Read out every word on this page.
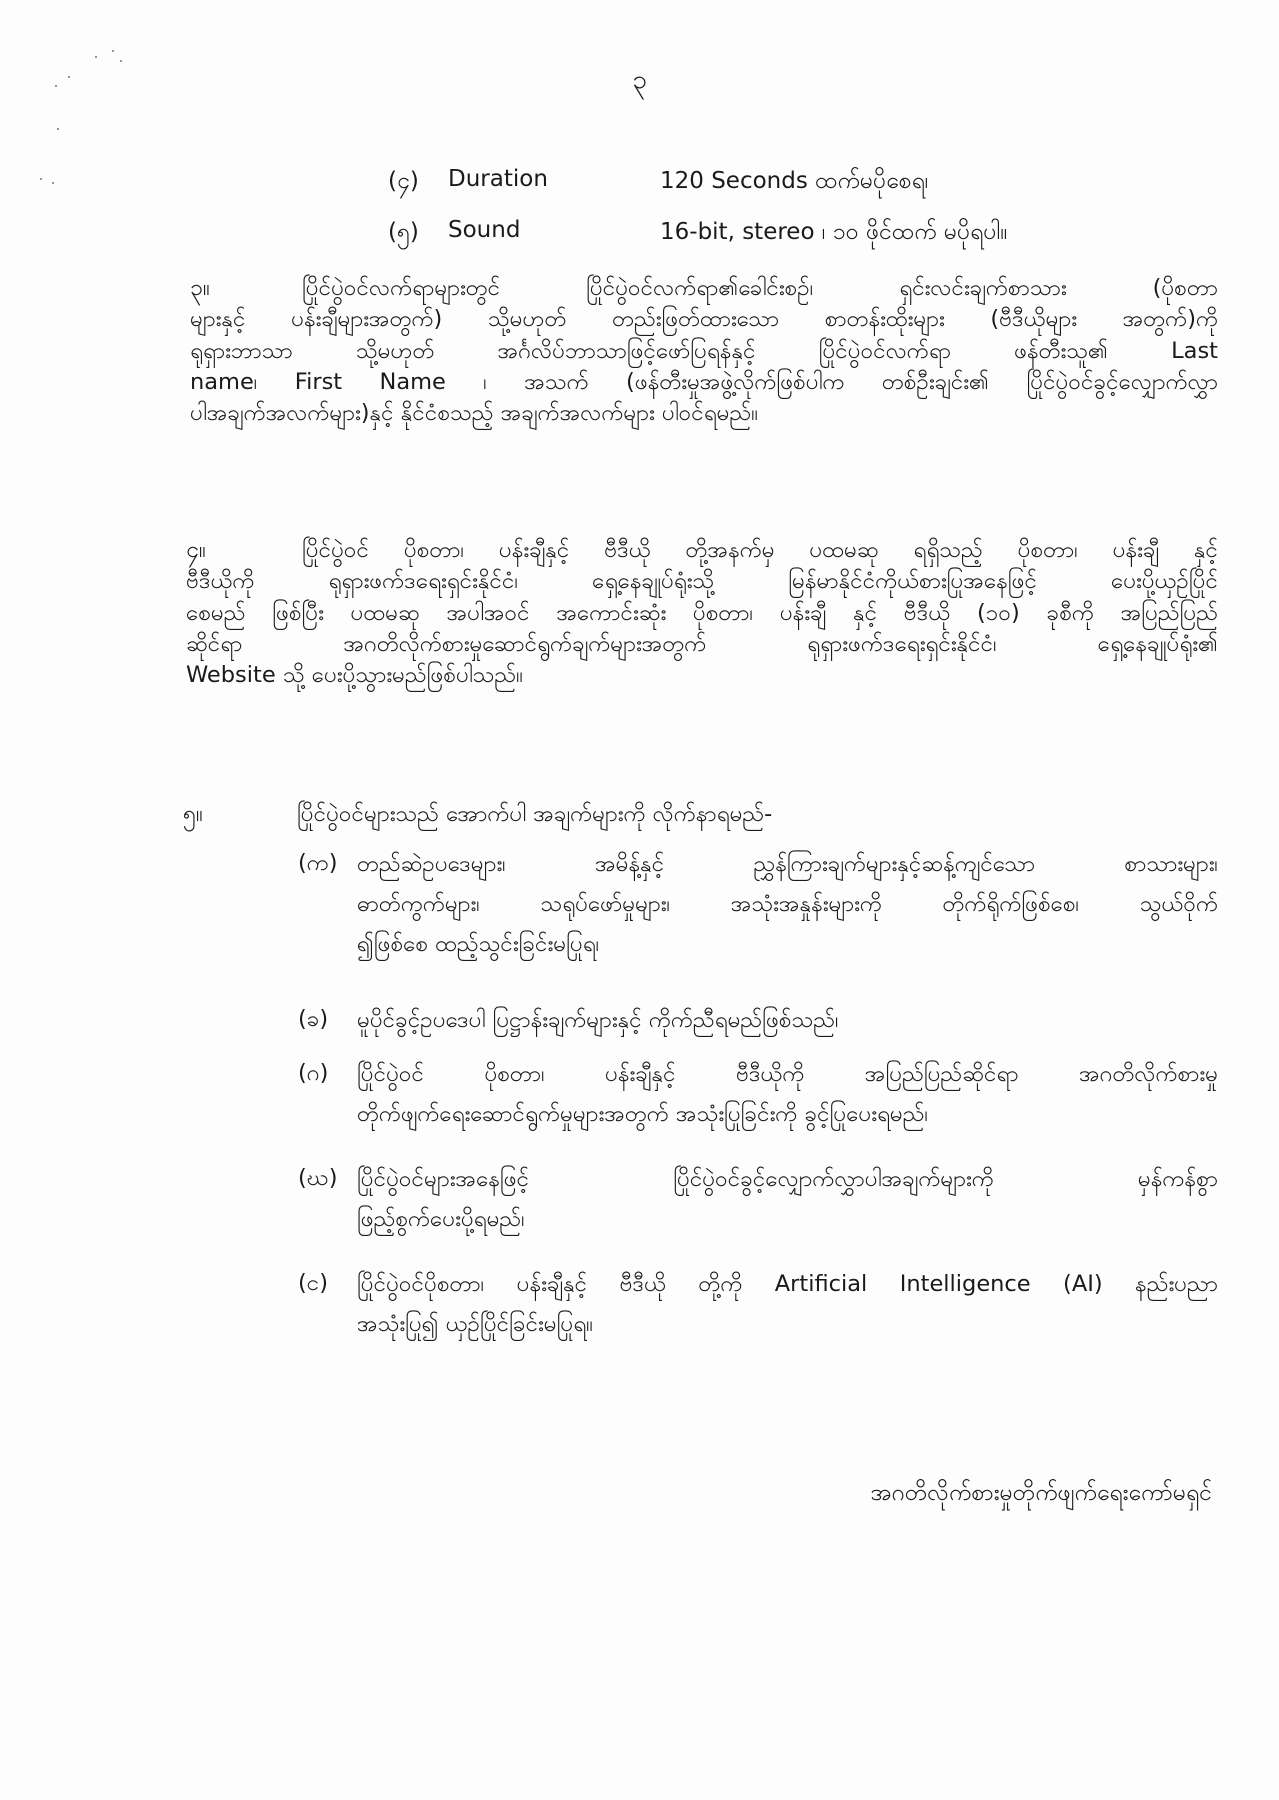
၃
(၄) Duration	120 Seconds ထက်မပိုစေရ၊
(၅) Sound	16-bit, stereo ၊ ၁၀ ဖိုင်ထက် မပိုရပါ။
၃။	ပြိုင်ပွဲဝင်လက်ရာများတွင် ပြိုင်ပွဲဝင်လက်ရာ၏ခေါင်းစဉ်၊ ရှင်းလင်းချက်စာသား (ပိုစတာ
များနှင့် ပန်းချီများအတွက်) သို့မဟုတ် တည်းဖြတ်ထားသော စာတန်းထိုးများ (ဗီဒီယိုများ အတွက်)ကို
ရုရှားဘာသာ သို့မဟုတ် အင်္ဂလိပ်ဘာသာဖြင့်ဖော်ပြရန်နှင့် ပြိုင်ပွဲဝင်လက်ရာ ဖန်တီးသူ၏ Last
name၊ First Name ၊ အသက် (ဖန်တီးမှုအဖွဲ့လိုက်ဖြစ်ပါက တစ်ဦးချင်း၏ ပြိုင်ပွဲဝင်ခွင့်လျှောက်လွှာ
ပါအချက်အလက်များ)နှင့် နိုင်ငံစသည့် အချက်အလက်များ ပါဝင်ရမည်။
၄။	ပြိုင်ပွဲဝင် ပိုစတာ၊ ပန်းချီနှင့် ဗီဒီယို တို့အနက်မှ ပထမဆု ရရှိသည့် ပိုစတာ၊ ပန်းချီ နှင့်
ဗီဒီယိုကို ရုရှားဖက်ဒရေးရှင်းနိုင်ငံ၊ ရှေ့နေချုပ်ရုံးသို့ မြန်မာနိုင်ငံကိုယ်စားပြုအနေဖြင့် ပေးပို့ယှဉ်ပြိုင်
စေမည် ဖြစ်ပြီး ပထမဆု အပါအဝင် အကောင်းဆုံး ပိုစတာ၊ ပန်းချီ နှင့် ဗီဒီယို (၁၀) ခုစီကို အပြည်ပြည်
ဆိုင်ရာ အဂတိလိုက်စားမှုဆောင်ရွက်ချက်များအတွက် ရုရှားဖက်ဒရေးရှင်းနိုင်ငံ၊ ရှေ့နေချုပ်ရုံး၏
Website သို့ ပေးပို့သွားမည်ဖြစ်ပါသည်။
၅။	ပြိုင်ပွဲဝင်များသည် အောက်ပါ အချက်များကို လိုက်နာရမည်-
(က) တည်ဆဲဥပဒေများ၊ အမိန့်နှင့် ညွှန်ကြားချက်များနှင့်ဆန့်ကျင်သော စာသားများ၊
ဓာတ်ကွက်များ၊ သရုပ်ဖော်မှုများ၊ အသုံးအနှုန်းများကို တိုက်ရိုက်ဖြစ်စေ၊ သွယ်ဝိုက်
၍ဖြစ်စေ ထည့်သွင်းခြင်းမပြုရ၊
(ခ) မူပိုင်ခွင့်ဥပဒေပါ ပြဋ္ဌာန်းချက်များနှင့် ကိုက်ညီရမည်ဖြစ်သည်၊
(ဂ) ပြိုင်ပွဲဝင် ပိုစတာ၊ ပန်းချီနှင့် ဗီဒီယိုကို အပြည်ပြည်ဆိုင်ရာ အဂတိလိုက်စားမှု
တိုက်ဖျက်ရေးဆောင်ရွက်မှုများအတွက် အသုံးပြုခြင်းကို ခွင့်ပြုပေးရမည်၊
(ဃ) ပြိုင်ပွဲဝင်များအနေဖြင့် ပြိုင်ပွဲဝင်ခွင့်လျှောက်လွှာပါအချက်များကို မှန်ကန်စွာ
ဖြည့်စွက်ပေးပို့ရမည်၊
(င) ပြိုင်ပွဲဝင်ပိုစတာ၊ ပန်းချီနှင့် ဗီဒီယို တို့ကို Artificial Intelligence (AI) နည်းပညာ
အသုံးပြု၍ ယှဉ်ပြိုင်ခြင်းမပြုရ။
အဂတိလိုက်စားမှုတိုက်ဖျက်ရေးကော်မရှင်
